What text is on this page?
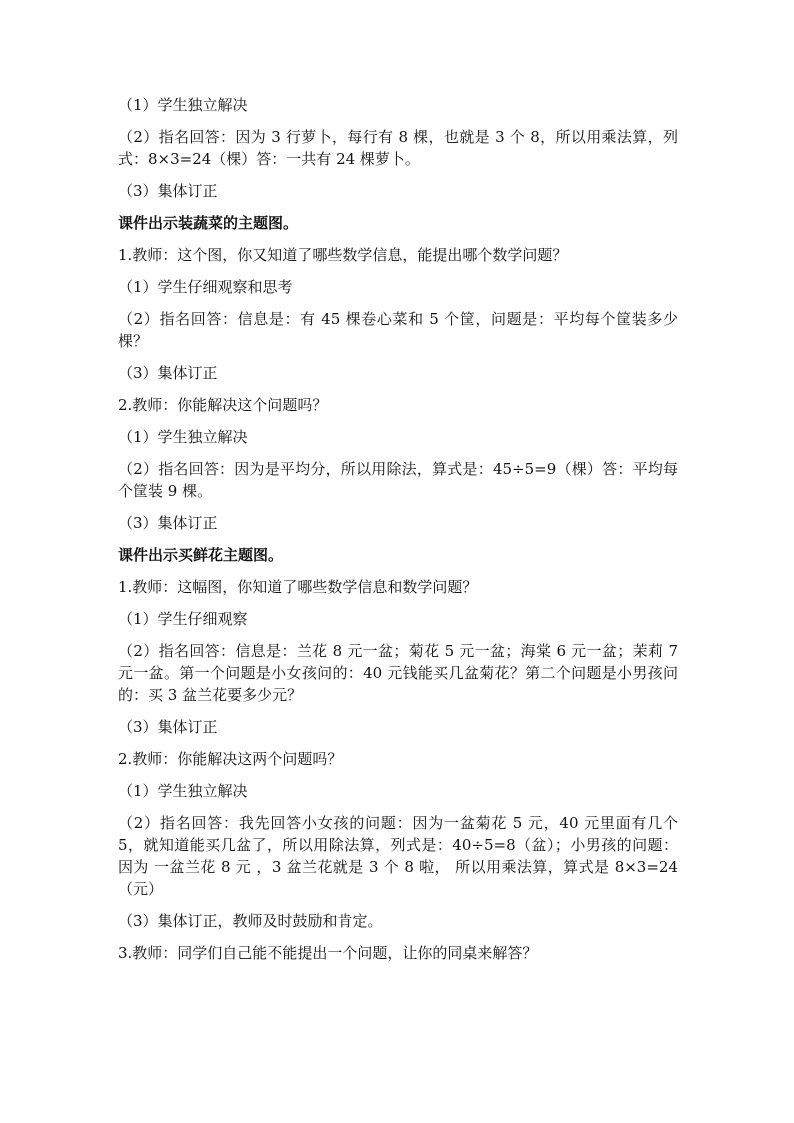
（1）学生独立解决

（2）指名回答：因为 3 行萝卜，每行有 8 棵，也就是 3 个 8，所以用乘法算，列式：8×3=24（棵）答：一共有 24 棵萝卜。

（3）集体订正

课件出示装蔬菜的主题图。

1.教师：这个图，你又知道了哪些数学信息，能提出哪个数学问题？

（1）学生仔细观察和思考

（2）指名回答：信息是：有 45 棵卷心菜和 5 个筐，问题是：平均每个筐装多少棵？

（3）集体订正

2.教师：你能解决这个问题吗？

（1）学生独立解决

（2）指名回答：因为是平均分，所以用除法，算式是：45÷5=9（棵）答：平均每个筐装 9 棵。

（3）集体订正

课件出示买鲜花主题图。

1.教师：这幅图，你知道了哪些数学信息和数学问题？

（1）学生仔细观察

（2）指名回答：信息是：兰花 8 元一盆；菊花 5 元一盆；海棠 6 元一盆；茉莉 7 元一盆。第一个问题是小女孩问的：40 元钱能买几盆菊花？第二个问题是小男孩问的：买 3 盆兰花要多少元？

（3）集体订正

2.教师：你能解决这两个问题吗？

（1）学生独立解决

（2）指名回答：我先回答小女孩的问题：因为一盆菊花 5 元，40 元里面有几个 5，就知道能买几盆了，所以用除法算，列式是：40÷5=8（盆）；小男孩的问题：因为 一盆兰花 8 元 ，3 盆兰花就是 3 个 8 啦， 所以用乘法算，算式是 8×3=24（元）

（3）集体订正，教师及时鼓励和肯定。

3.教师：同学们自己能不能提出一个问题，让你的同桌来解答？
